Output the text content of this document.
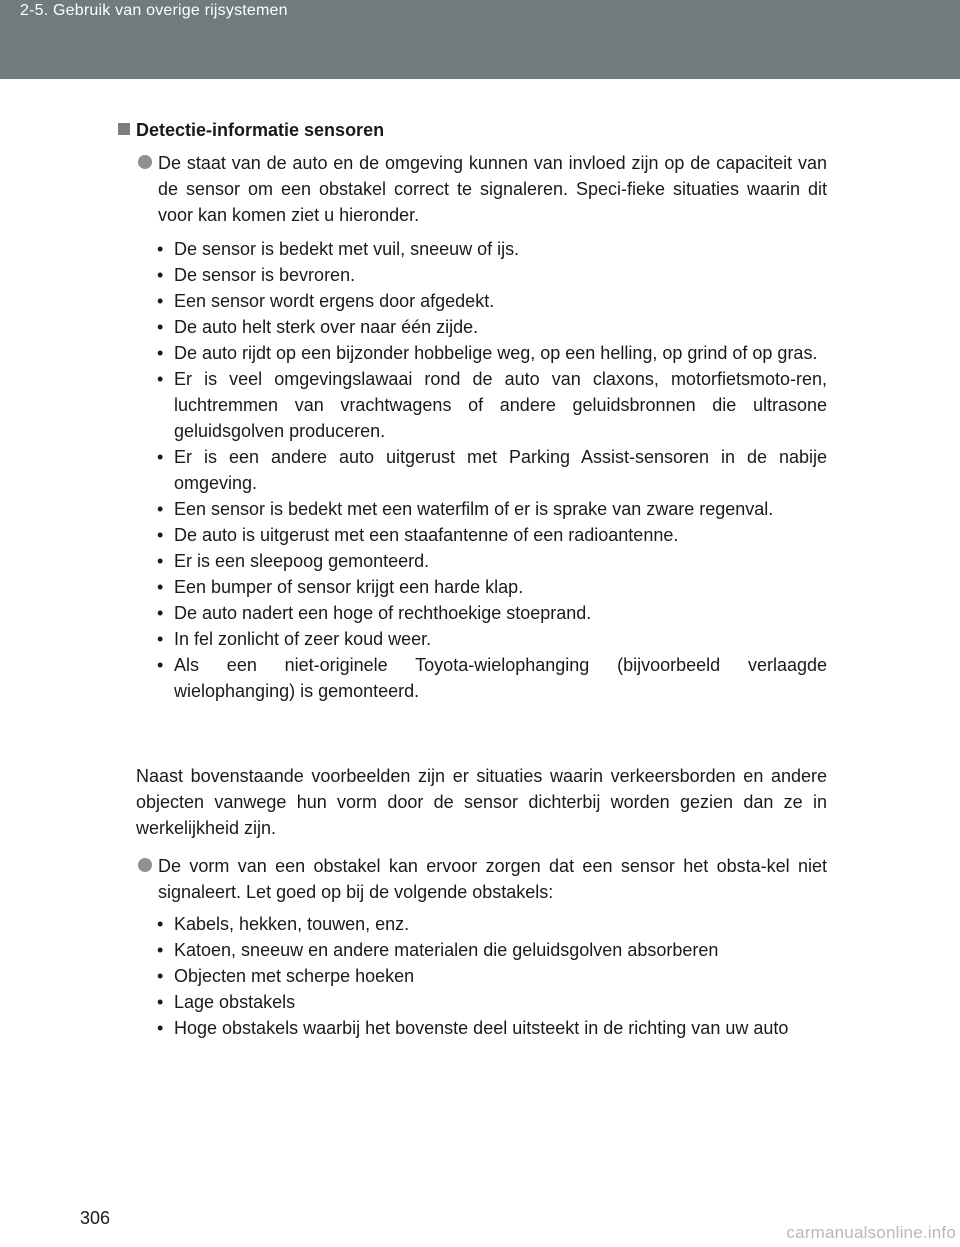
2-5. Gebruik van overige rijsystemen
Detectie-informatie sensoren
De staat van de auto en de omgeving kunnen van invloed zijn op de capaciteit van de sensor om een obstakel correct te signaleren. Speci-fieke situaties waarin dit voor kan komen ziet u hieronder.
• De sensor is bedekt met vuil, sneeuw of ijs.
• De sensor is bevroren.
• Een sensor wordt ergens door afgedekt.
• De auto helt sterk over naar één zijde.
• De auto rijdt op een bijzonder hobbelige weg, op een helling, op grind of op gras.
• Er is veel omgevingslawaai rond de auto van claxons, motorfietsmoto-ren, luchtremmen van vrachtwagens of andere geluidsbronnen die ultrasone geluidsgolven produceren.
• Er is een andere auto uitgerust met Parking Assist-sensoren in de nabije omgeving.
• Een sensor is bedekt met een waterfilm of er is sprake van zware regenval.
• De auto is uitgerust met een staafantenne of een radioantenne.
• Er is een sleepoog gemonteerd.
• Een bumper of sensor krijgt een harde klap.
• De auto nadert een hoge of rechthoekige stoeprand.
• In fel zonlicht of zeer koud weer.
• Als een niet-originele Toyota-wielophanging (bijvoorbeeld verlaagde wielophanging) is gemonteerd.
Naast bovenstaande voorbeelden zijn er situaties waarin verkeersborden en andere objecten vanwege hun vorm door de sensor dichterbij worden gezien dan ze in werkelijkheid zijn.
De vorm van een obstakel kan ervoor zorgen dat een sensor het obsta-kel niet signaleert. Let goed op bij de volgende obstakels:
• Kabels, hekken, touwen, enz.
• Katoen, sneeuw en andere materialen die geluidsgolven absorberen
• Objecten met scherpe hoeken
• Lage obstakels
• Hoge obstakels waarbij het bovenste deel uitsteekt in de richting van uw auto
306
carmanualsonline.info
